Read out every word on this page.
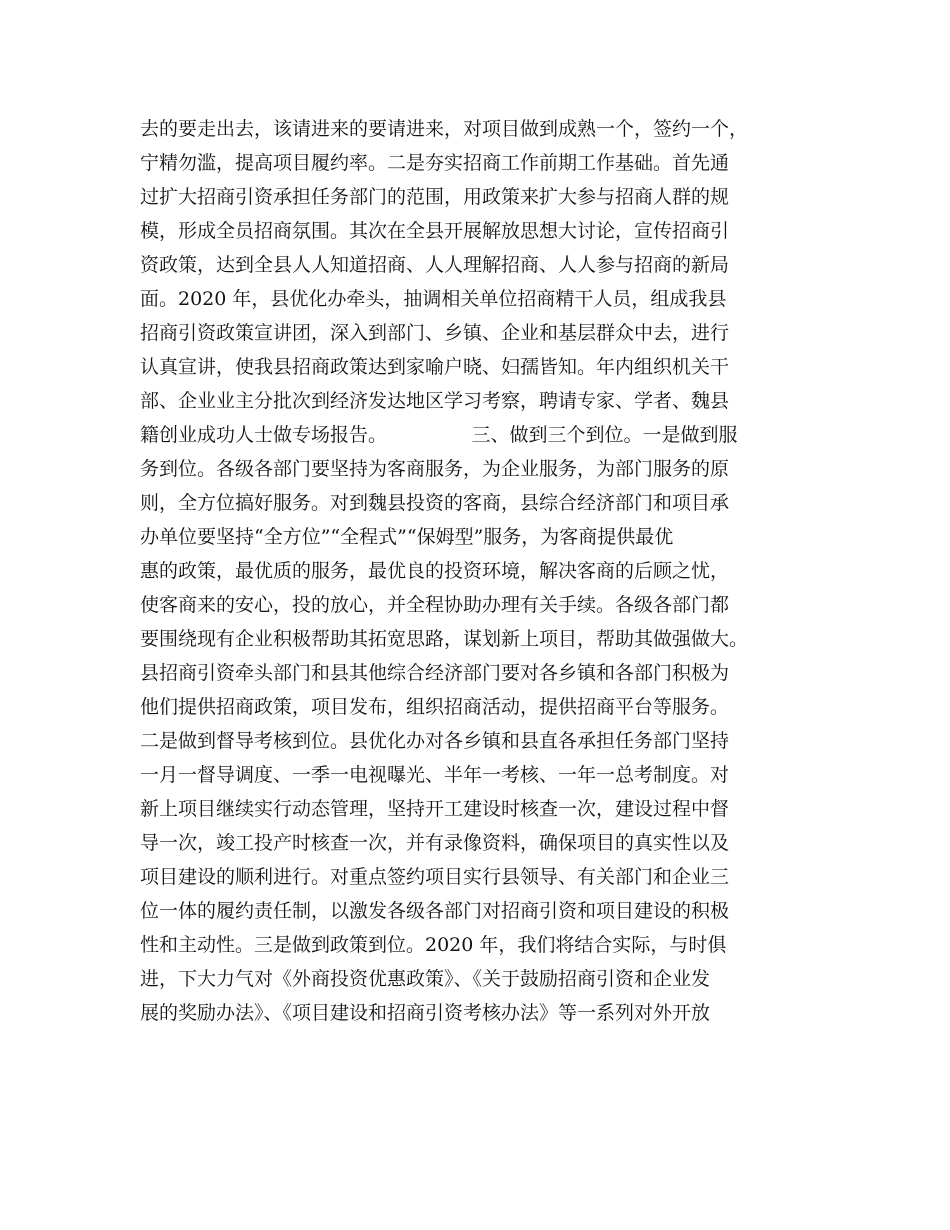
去的要走出去，该请进来的要请进来，对项目做到成熟一个，签约一个，
宁精勿滥，提高项目履约率。二是夯实招商工作前期工作基础。首先通
过扩大招商引资承担任务部门的范围，用政策来扩大参与招商人群的规
模，形成全员招商氛围。其次在全县开展解放思想大讨论，宣传招商引
资政策，达到全县人人知道招商、人人理解招商、人人参与招商的新局
面。2020 年，县优化办牵头，抽调相关单位招商精干人员，组成我县
招商引资政策宣讲团，深入到部门、乡镇、企业和基层群众中去，进行
认真宣讲，使我县招商政策达到家喻户晓、妇孺皆知。年内组织机关干
部、企业业主分批次到经济发达地区学习考察，聘请专家、学者、魏县
籍创业成功人士做专场报告。              三、做到三个到位。一是做到服
务到位。各级各部门要坚持为客商服务，为企业服务，为部门服务的原
则，全方位搞好服务。对到魏县投资的客商，县综合经济部门和项目承
办单位要坚持“全方位”“全程式”“保姆型”服务，为客商提供最优
惠的政策，最优质的服务，最优良的投资环境，解决客商的后顾之忧，
使客商来的安心，投的放心，并全程协助办理有关手续。各级各部门都
要围绕现有企业积极帮助其拓宽思路，谋划新上项目，帮助其做强做大。
县招商引资牵头部门和县其他综合经济部门要对各乡镇和各部门积极为
他们提供招商政策，项目发布，组织招商活动，提供招商平台等服务。
二是做到督导考核到位。县优化办对各乡镇和县直各承担任务部门坚持
一月一督导调度、一季一电视曝光、半年一考核、一年一总考制度。对
新上项目继续实行动态管理，坚持开工建设时核查一次，建设过程中督
导一次，竣工投产时核查一次，并有录像资料，确保项目的真实性以及
项目建设的顺利进行。对重点签约项目实行县领导、有关部门和企业三
位一体的履约责任制，以激发各级各部门对招商引资和项目建设的积极
性和主动性。三是做到政策到位。2020 年，我们将结合实际，与时俱
进，下大力气对《外商投资优惠政策》、《关于鼓励招商引资和企业发
展的奖励办法》、《项目建设和招商引资考核办法》等一系列对外开放
